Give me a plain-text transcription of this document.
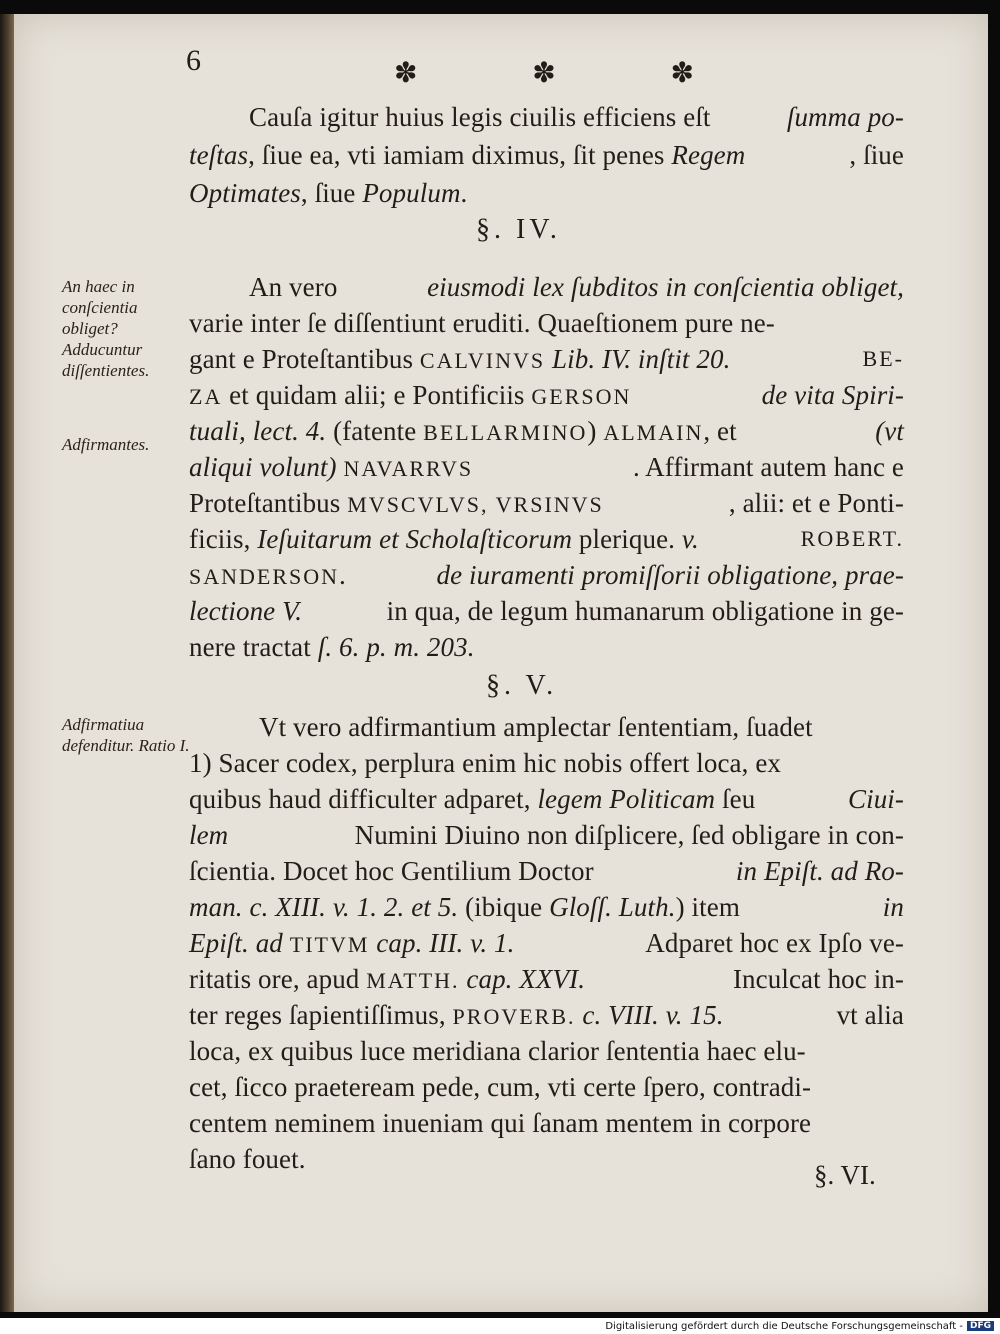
6	✽	✽	✽
Cauſa igitur huius legis ciuilis efficiens eſt	ſumma po-
teſtas, ſiue ea, vti iamiam diximus, ſit penes Regem	, ſiue
Optimates, ſiue Populum.
§. IV.
An haec in conſcientia obliget? Adducuntur diſſentientes.
Adfirmantes.
An vero	eiusmodi lex ſubditos in conſcientia obliget,
varie inter ſe diſſentiunt eruditi. Quaeſtionem pure ne-
gant e Proteſtantibus CALVINVS Lib. IV. inſtit 20.	BE-
ZA et quidam alii; e Pontificiis GERSON	de vita Spiri-
tuali, lect. 4. (fatente BELLARMINO) ALMAIN, et	(vt
aliqui volunt) NAVARRVS	. Affirmant autem hanc e
Proteſtantibus MVSCVLVS, VRSINVS	, alii: et e Ponti-
ficiis, Ieſuitarum et Scholaſticorum plerique. v.	ROBERT.
SANDERSON.	de iuramenti promiſſorii obligatione, prae-
lectione V.	in qua, de legum humanarum obligatione in ge-
nere tractat ſ. 6. p. m. 203.
§. V.
Adfirmatiua defenditur. Ratio I.
Vt vero adfirmantium amplectar ſententiam, ſuadet
1) Sacer codex, perplura enim hic nobis offert loca, ex
quibus haud difficulter adparet, legem Politicam ſeu	Ciui-
lem	Numini Diuino non diſplicere, ſed obligare in con-
ſcientia. Docet hoc Gentilium Doctor	in Epiſt. ad Ro-
man. c. XIII. v. 1. 2. et 5. (ibique Gloſſ. Luth.) item	in
Epiſt. ad TITVM cap. III. v. 1.	Adparet hoc ex Ipſo ve-
ritatis ore, apud MATTH. cap. XXVI.	Inculcat hoc in-
ter reges ſapientiſſimus, PROVERB. c. VIII. v. 15.	vt alia
loca, ex quibus luce meridiana clarior ſententia haec elu-
cet, ſicco praeteream pede, cum, vti certe ſpero, contradi-
centem neminem inueniam qui ſanam mentem in corpore
ſano fouet.
§. VI.
Digitalisierung gefördert durch die Deutsche Forschungsgemeinschaft - DFG
